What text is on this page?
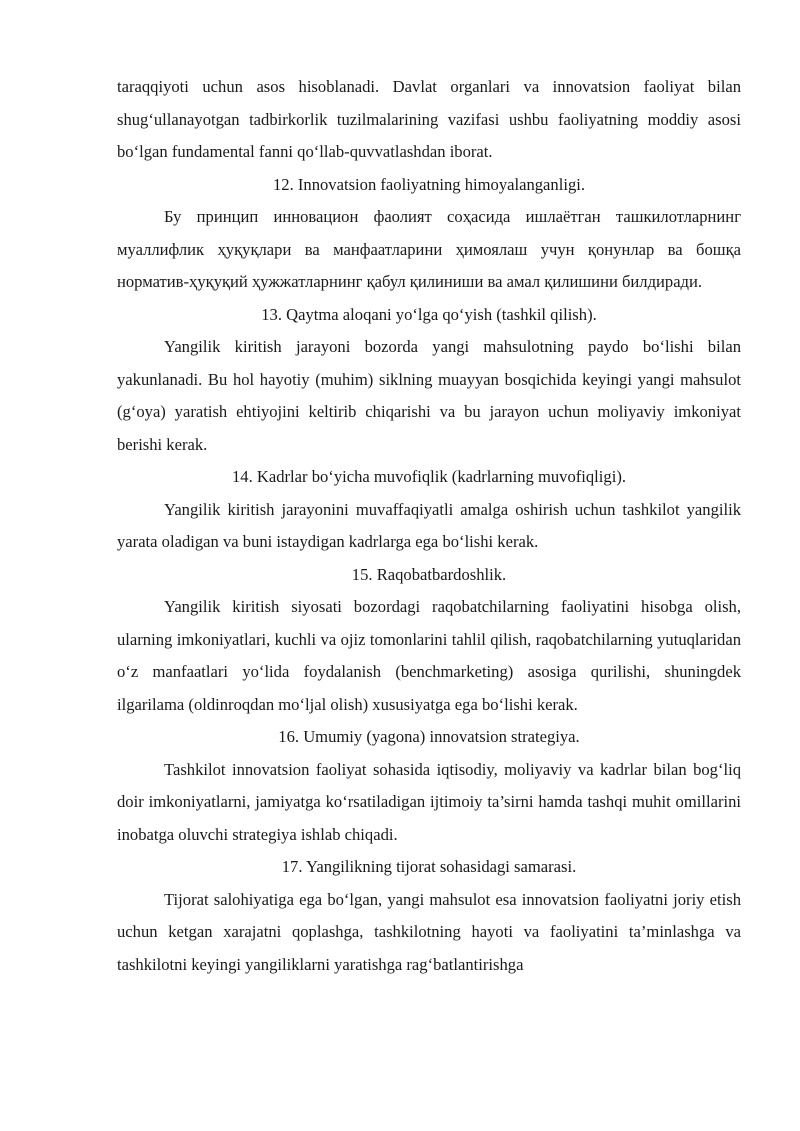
taraqqiyoti uchun asos hisoblanadi. Davlat organlari va innovatsion faoliyat bilan shug‘ullanayotgan tadbirkorlik tuzilmalarining vazifasi ushbu faoliyatning moddiy asosi bo‘lgan fundamental fanni qo‘llab-quvvatlashdan iborat.

12. Innovatsion faoliyatning himoyalanganligi.

Бу принцип инновацион фаолият соҳасида ишлаётган ташкилотларнинг муаллифлик ҳуқуқлари ва манфаатларини ҳимоялаш учун қонунлар ва бошқа норматив-ҳуқуқий ҳужжатларнинг қабул қилиниши ва амал қилишини билдиради.

13. Qaytma aloqani yo‘lga qo‘yish (tashkil qilish).

Yangilik kiritish jarayoni bozorda yangi mahsulotning paydo bo‘lishi bilan yakunlanadi. Bu hol hayotiy (muhim) siklning muayyan bosqichida keyingi yangi mahsulot (g‘oya) yaratish ehtiyojini keltirib chiqarishi va bu jarayon uchun moliyaviy imkoniyat berishi kerak.

14. Kadrlar bo‘yicha muvofiqlik (kadrlarning muvofiqligi).

Yangilik kiritish jarayonini muvaffaqiyatli amalga oshirish uchun tashkilot yangilik yarata oladigan va buni istaydigan kadrlarga ega bo‘lishi kerak.

15. Raqobatbardoshlik.

Yangilik kiritish siyosati bozordagi raqobatchilarning faoliyatini hisobga olish, ularning imkoniyatlari, kuchli va ojiz tomonlarini tahlil qilish, raqobatchilarning yutuqlaridan o‘z manfaatlari yo‘lida foydalanish (benchmarketing) asosiga qurilishi, shuningdek ilgarilama (oldinroqdan mo‘ljal olish) xususiyatga ega bo‘lishi kerak.

16. Umumiy (yagona) innovatsion strategiya.

Tashkilot innovatsion faoliyat sohasida iqtisodiy, moliyaviy va kadrlar bilan bog‘liq doir imkoniyatlarni, jamiyatga ko‘rsatiladigan ijtimoiy ta’sirni hamda tashqi muhit omillarini inobatga oluvchi strategiya ishlab chiqadi.

17. Yangilikning tijorat sohasidagi samarasi.

Tijorat salohiyatiga ega bo‘lgan, yangi mahsulot esa innovatsion faoliyatni joriy etish uchun ketgan xarajatni qoplashga, tashkilotning hayoti va faoliyatini ta’minlashga va tashkilotni keyingi yangiliklarni yaratishga rag‘batlantirishga
